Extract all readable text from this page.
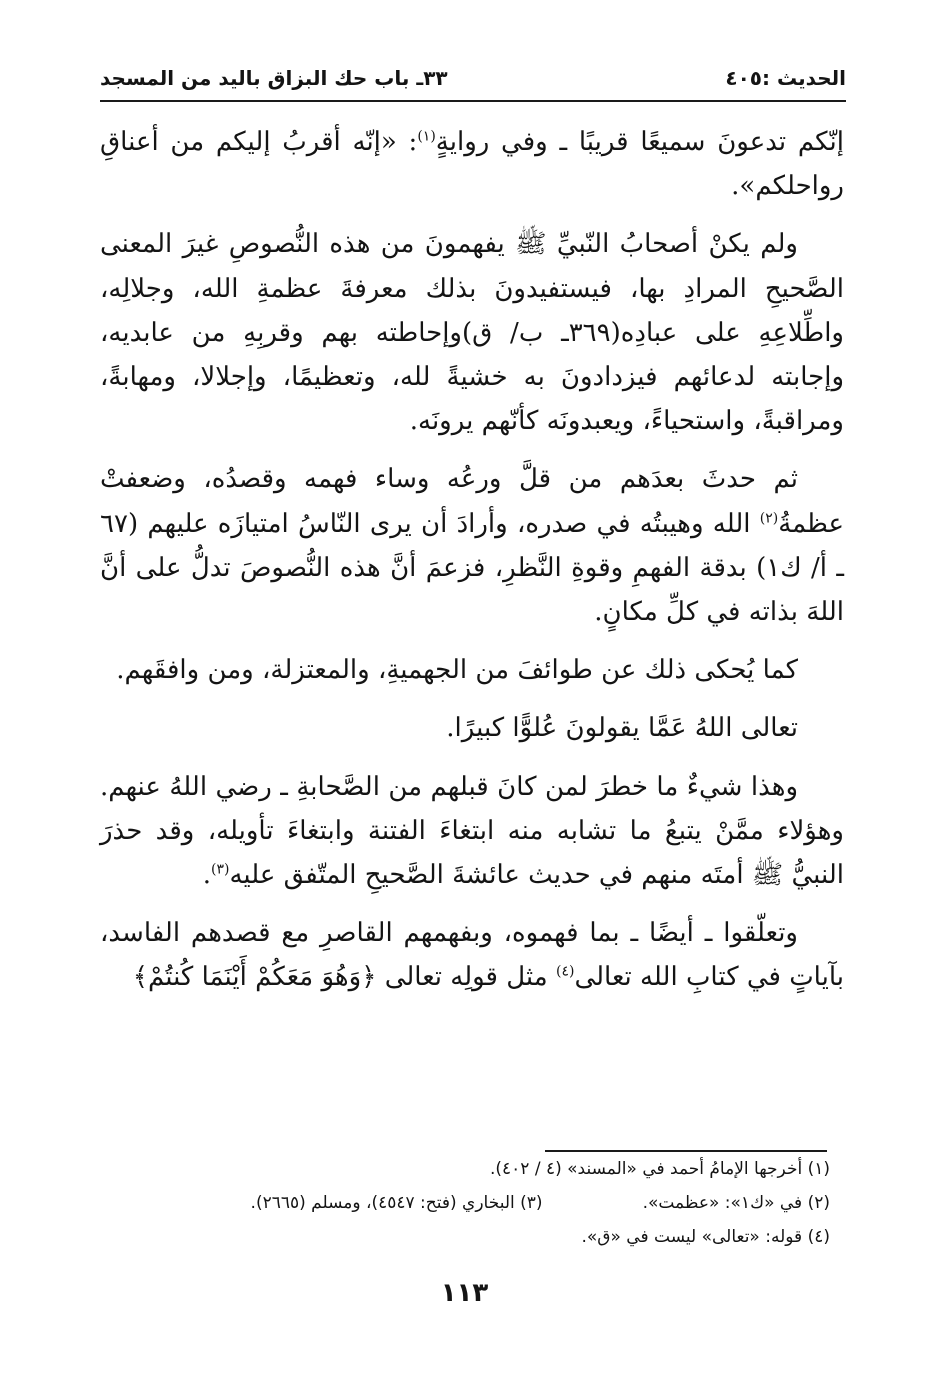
٣٣ـ باب حك البزاق باليد من المسجد	الحديث :٤٠٥

إنّكم تدعونَ سميعًا قريبًا ـ وفي روايةٍ$^{(١)}$: «إنّه أقربُ إليكم من أعناقِ رواحلكم».

ولم يكنْ أصحابُ النّبيِّ ﷺ يفهمونَ من هذه النُّصوصِ غيرَ المعنى الصَّحيحِ المرادِ بها، فيستفيدونَ بذلك معرفةَ عظمةِ الله، وجلالِه، واطِّلاعِهِ على عبادِه(٣٦٩ـ ب/ ق)وإحاطته بهم وقربِهِ من عابديه، وإجابته لدعائهم فيزدادونَ به خشيةً لله، وتعظيمًا، وإجلالا، ومهابةً، ومراقبةً، واستحياءً، ويعبدونَه كأنّهم يرونَه.

ثم حدثَ بعدَهم من قلَّ ورعُه وساء فهمه وقصدُه، وضعفتْ عظمةُ$^{(٢)}$ الله وهيبتُه في صدره، وأرادَ أن يرى النّاسُ امتيازَه عليهم (٦٧ ـ أ/ ك١) بدقة الفهمِ وقوةِ النَّظرِ، فزعمَ أنَّ هذه النُّصوصَ تدلُّ على أنَّ اللهَ بذاته في كلِّ مكانٍ.

كما يُحكى ذلك عن طوائفَ من الجهميةِ، والمعتزلة، ومن وافقَهم.

تعالى اللهُ عَمَّا يقولونَ عُلوًّا كبيرًا.

وهذا شيءٌ ما خطرَ لمن كانَ قبلهم من الصَّحابةِ ـ رضي اللهُ عنهم. وهؤلاء ممَّنْ يتبعُ ما تشابه منه ابتغاءَ الفتنة وابتغاءَ تأويله، وقد حذرَ النبيُّ ﷺ أمتَه منهم في حديث عائشةَ الصَّحيحِ المتّفق عليه$^{(٣)}$.

وتعلّقوا ـ أيضًا ـ بما فهموه، وبفهمهم القاصرِ مع قصدهم الفاسد، بآياتٍ في كتابِ الله تعالى$^{(٤)}$ مثل قولِه تعالى ﴿وَهُوَ مَعَكُمْ أَيْنَمَا كُنتُمْ﴾

(١) أخرجها الإمامُ أحمد في «المسند» (٤ / ٤٠٢).
(٢) في «ك١»: «عظمت».
(٣) البخاري (فتح: ٤٥٤٧)، ومسلم (٢٦٦٥).
(٤) قوله: «تعالى» ليست في «ق».
١١٣
